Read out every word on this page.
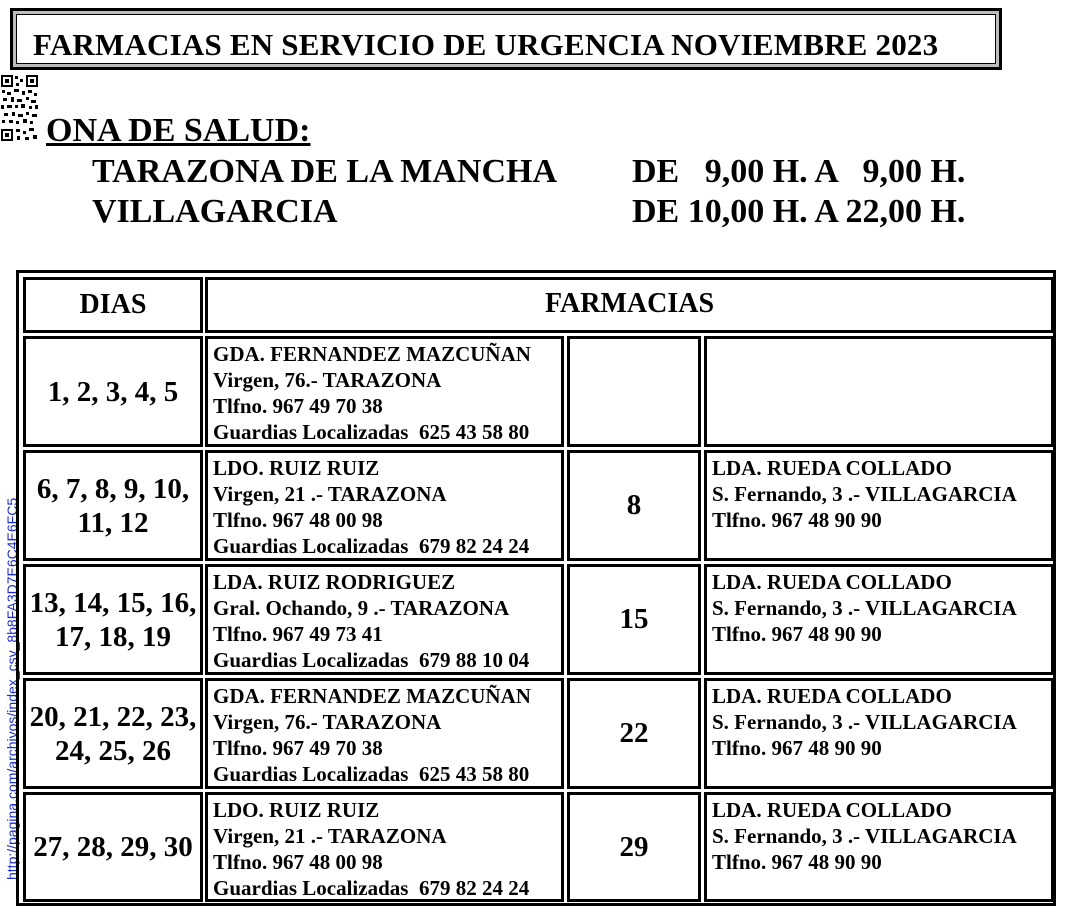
FARMACIAS EN SERVICIO DE URGENCIA NOVIEMBRE 2023
http://pagina.com/archivos/index_csv_8b8FA3D7E6C4E6FC5
ONA DE SALUD:
TARAZONA DE LA MANCHA DE   9,00 H. A   9,00 H.
VILLAGARCIA	DE 10,00 H. A 22,00 H.
DIAS	FARMACIAS
1, 2, 3, 4, 5
GDA. FERNANDEZ MAZCUÑAN
Virgen, 76.- TARAZONA
Tlfno. 967 49 70 38
Guardias Localizadas  625 43 58 80
6, 7, 8, 9, 10,
11, 12
LDO. RUIZ RUIZ
Virgen, 21 .- TARAZONA
Tlfno. 967 48 00 98
Guardias Localizadas  679 82 24 24
8
LDA. RUEDA COLLADO
S. Fernando, 3 .- VILLAGARCIA
Tlfno. 967 48 90 90
13, 14, 15, 16,
17, 18, 19
LDA. RUIZ RODRIGUEZ
Gral. Ochando, 9 .- TARAZONA
Tlfno. 967 49 73 41
Guardias Localizadas  679 88 10 04
15
LDA. RUEDA COLLADO
S. Fernando, 3 .- VILLAGARCIA
Tlfno. 967 48 90 90
20, 21, 22, 23,
24, 25, 26
GDA. FERNANDEZ MAZCUÑAN
Virgen, 76.- TARAZONA
Tlfno. 967 49 70 38
Guardias Localizadas  625 43 58 80
22
LDA. RUEDA COLLADO
S. Fernando, 3 .- VILLAGARCIA
Tlfno. 967 48 90 90
27, 28, 29, 30
LDO. RUIZ RUIZ
Virgen, 21 .- TARAZONA
Tlfno. 967 48 00 98
Guardias Localizadas  679 82 24 24
29
LDA. RUEDA COLLADO
S. Fernando, 3 .- VILLAGARCIA
Tlfno. 967 48 90 90
